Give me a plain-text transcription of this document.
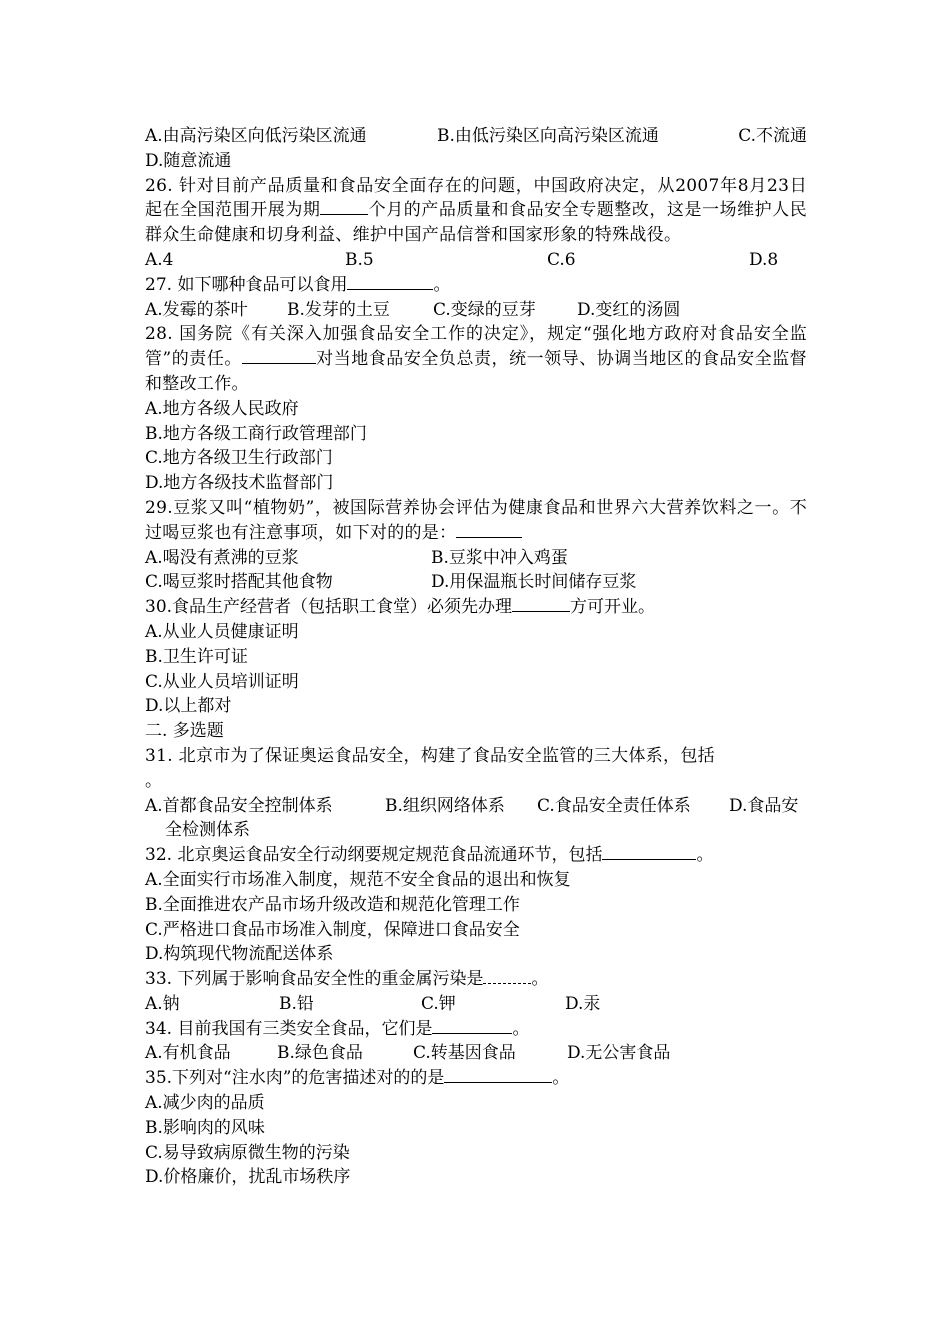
A.由高污染区向低污染区流通	B.由低污染区向高污染区流通	C.不流通
D.随意流通
26. 针对目前产品质量和食品安全面存在的问题，中国政府决定，从2007年8月23日起在全国范围开展为期	个月的产品质量和食品安全专题整改，这是一场维护人民群众生命健康和切身利益、维护中国产品信誉和国家形象的特殊战役。
A.4	B.5	C.6	D.8
27. 如下哪种食品可以食用	。
A.发霉的茶叶	B.发芽的土豆	C.变绿的豆芽	D.变红的汤圆
28. 国务院《有关深入加强食品安全工作的决定》，规定“强化地方政府对食品安全监管”的责任。	对当地食品安全负总责，统一领导、协调当地区的食品安全监督和整改工作。
A.地方各级人民政府
B.地方各级工商行政管理部门
C.地方各级卫生行政部门
D.地方各级技术监督部门
29.豆浆又叫“植物奶”，被国际营养协会评估为健康食品和世界六大营养饮料之一。不过喝豆浆也有注意事项，如下对的的是：
A.喝没有煮沸的豆浆	B.豆浆中冲入鸡蛋
C.喝豆浆时搭配其他食物	D.用保温瓶长时间储存豆浆
30.食品生产经营者（包括职工食堂）必须先办理	方可开业。
A.从业人员健康证明
B.卫生许可证
C.从业人员培训证明
D.以上都对
二. 多选题
31. 北京市为了保证奥运食品安全，构建了食品安全监管的三大体系，包括
。
A.首都食品安全控制体系	B.组织网络体系	C.食品安全责任体系	D.食品安
全检测体系
32. 北京奥运食品安全行动纲要规定规范食品流通环节，包括	。
A.全面实行市场准入制度，规范不安全食品的退出和恢复
B.全面推进农产品市场升级改造和规范化管理工作
C.严格进口食品市场准入制度，保障进口食品安全
D.构筑现代物流配送体系
33. 下列属于影响食品安全性的重金属污染是	。
A.钠	B.铅	C.钾	D.汞
34. 目前我国有三类安全食品，它们是	。
A.有机食品	B.绿色食品	C.转基因食品	D.无公害食品
35.下列对“注水肉”的危害描述对的的是	。
A.减少肉的品质
B.影响肉的风味
C.易导致病原微生物的污染
D.价格廉价，扰乱市场秩序
